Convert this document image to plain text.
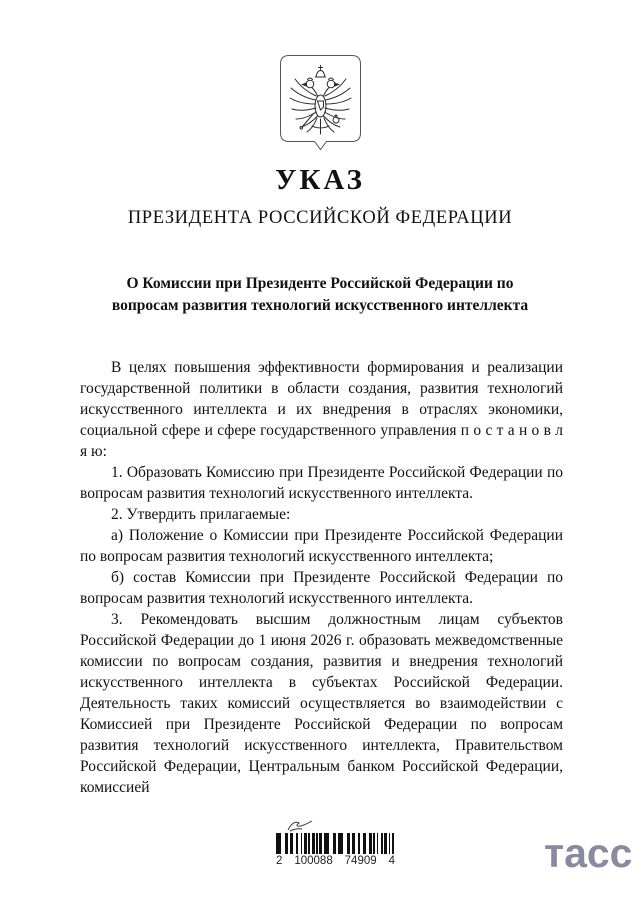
УКАЗ
ПРЕЗИДЕНТА РОССИЙСКОЙ ФЕДЕРАЦИИ
О Комиссии при Президенте Российской Федерации по вопросам развития технологий искусственного интеллекта

В целях повышения эффективности формирования и реализации государственной политики в области создания, развития технологий искусственного интеллекта и их внедрения в отраслях экономики, социальной сфере и сфере государственного управления п о с т а н о в л я ю:

1. Образовать Комиссию при Президенте Российской Федерации по вопросам развития технологий искусственного интеллекта.

2. Утвердить прилагаемые:

а) Положение о Комиссии при Президенте Российской Федерации по вопросам развития технологий искусственного интеллекта;

б) состав Комиссии при Президенте Российской Федерации по вопросам развития технологий искусственного интеллекта.

3. Рекомендовать высшим должностным лицам субъектов Российской Федерации до 1 июня 2026 г. образовать межведомственные комиссии по вопросам создания, развития и внедрения технологий искусственного интеллекта в субъектах Российской Федерации. Деятельность таких комиссий осуществляется во взаимодействии с Комиссией при Президенте Российской Федерации по вопросам развития технологий искусственного интеллекта, Правительством Российской Федерации, Центральным банком Российской Федерации, комиссией

2 100088 74909 4	тасс
